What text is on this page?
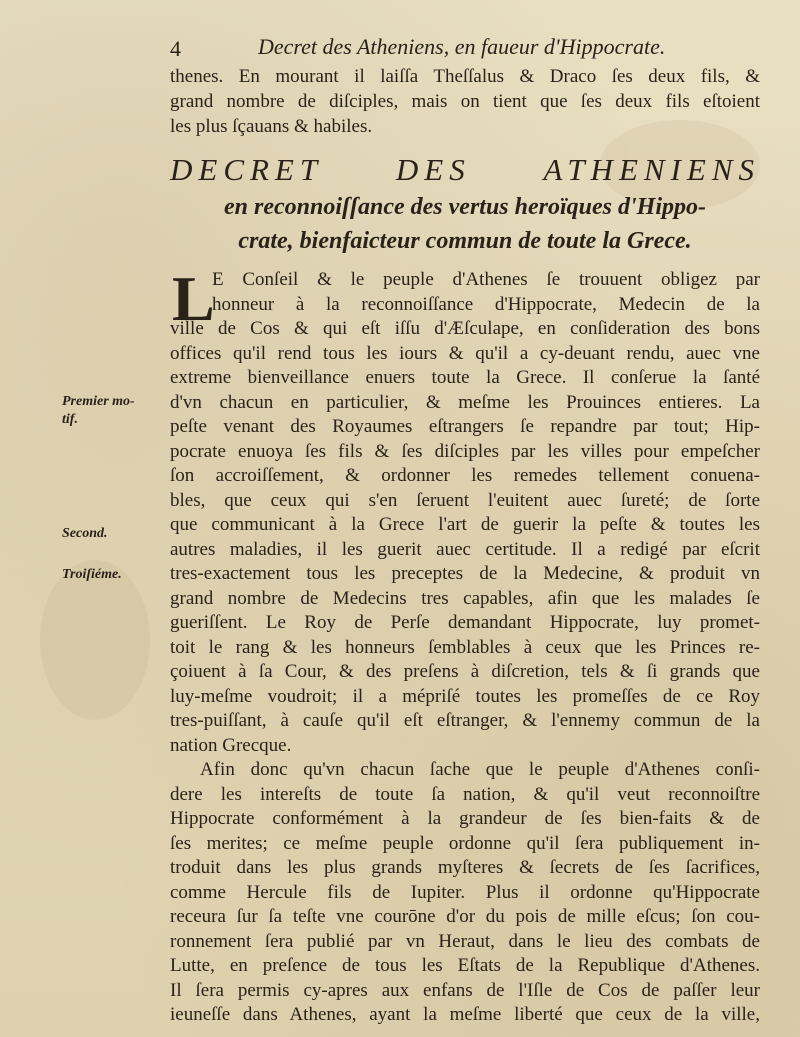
4	Decret des Atheniens, en faueur d'Hippocrate.
thenes. En mourant il laiſſa Theſſalus & Draco ſes deux fils, &
grand nombre de diſciples, mais on tient que ſes deux fils eſtoient
les plus ſçauans & habiles.
DECRET DES ATHENIENS
en reconnoiſſance des vertus heroïques d'Hippo-
crate, bienfaicteur commun de toute la Grece.
L
E Conſeil & le peuple d'Athenes ſe trouuent obligez par
honneur à la reconnoiſſance d'Hippocrate, Medecin de la
ville de Cos & qui eſt iſſu d'Æſculape, en conſideration des bons
offices qu'il rend tous les iours & qu'il a cy-deuant rendu, auec vne
extreme bienveillance enuers toute la Grece. Il conſerue la ſanté
d'vn chacun en particulier, & meſme les Prouinces entieres. La
peſte venant des Royaumes eſtrangers ſe repandre par tout; Hip-
pocrate enuoya ſes fils & ſes diſciples par les villes pour empeſcher
ſon accroiſſement, & ordonner les remedes tellement conuena-
bles, que ceux qui s'en ſeruent l'euitent auec ſureté; de ſorte
que communicant à la Grece l'art de guerir la peſte & toutes les
autres maladies, il les guerit auec certitude. Il a redigé par eſcrit
tres-exactement tous les preceptes de la Medecine, & produit vn
grand nombre de Medecins tres capables, afin que les malades ſe
gueriſſent. Le Roy de Perſe demandant Hippocrate, luy promet-
toit le rang & les honneurs ſemblables à ceux que les Princes re-
çoiuent à ſa Cour, & des preſens à diſcretion, tels & ſi grands que
luy-meſme voudroit; il a mépriſé toutes les promeſſes de ce Roy
tres-puiſſant, à cauſe qu'il eſt eſtranger, & l'ennemy commun de la
nation Grecque.
Afin donc qu'vn chacun ſache que le peuple d'Athenes conſi-
dere les intereſts de toute ſa nation, & qu'il veut reconnoiſtre
Hippocrate conformément à la grandeur de ſes bien-faits & de
ſes merites; ce meſme peuple ordonne qu'il ſera publiquement in-
troduit dans les plus grands myſteres & ſecrets de ſes ſacrifices,
comme Hercule fils de Iupiter. Plus il ordonne qu'Hippocrate
receura ſur ſa teſte vne courōne d'or du pois de mille eſcus; ſon cou-
ronnement ſera publié par vn Heraut, dans le lieu des combats de
Lutte, en preſence de tous les Eſtats de la Republique d'Athenes.
Il ſera permis cy-apres aux enfans de l'Iſle de Cos de paſſer leur
ieuneſſe dans Athenes, ayant la meſme liberté que ceux de la ville,
Premier mo-
tif.
Second.
Troiſiéme.
